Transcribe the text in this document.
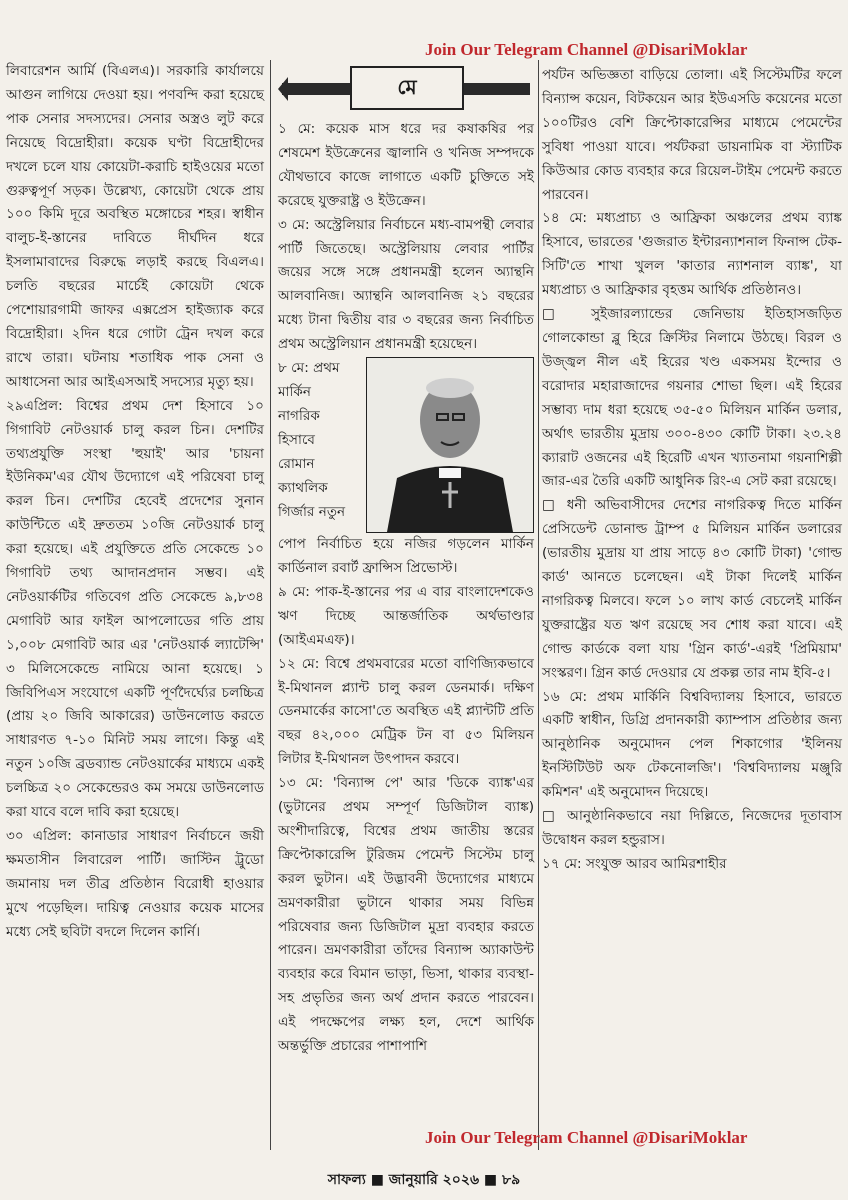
Join Our Telegram Channel @DisariMoklar

লিবারেশন আর্মি (বিএলএ)। সরকারি কার্যালয়ে আগুন লাগিয়ে দেওয়া হয়। পণবন্দি করা হয়েছে পাক সেনার সদস্যদের। সেনার অস্ত্রও লুট করে নিয়েছে বিদ্রোহীরা। কয়েক ঘণ্টা বিদ্রোহীদের দখলে চলে যায় কোয়েটা-করাচি হাইওয়ের মতো গুরুত্বপূর্ণ সড়ক। উল্লেখ্য, কোয়েটা থেকে প্রায় ১০০ কিমি দূরে অবস্থিত মঙ্গোচের শহর। স্বাধীন বালুচ-ই-স্তানের দাবিতে দীর্ঘদিন ধরে ইসলামাবাদের বিরুদ্ধে লড়াই করছে বিএলএ। চলতি বছরের মার্চেই কোয়েটা থেকে পেশোয়ারগামী জাফর এক্সপ্রেস হাইজ্যাক করে বিদ্রোহীরা। ২দিন ধরে গোটা ট্রেন দখল করে রাখে তারা। ঘটনায় শতাধিক পাক সেনা ও আধাসেনা আর আইএসআই সদস্যের মৃত্যু হয়।

২৯এপ্রিল: বিশ্বের প্রথম দেশ হিসাবে ১০ গিগাবিট নেটওয়ার্ক চালু করল চিন। দেশটির তথ্যপ্রযুক্তি সংস্থা 'হুয়াই' আর 'চায়না ইউনিকম'এর যৌথ উদ্যোগে এই পরিষেবা চালু করল চিন। দেশটির হেবেই প্রদেশের সুনান কাউন্টিতে এই দ্রুততম ১০জি নেটওয়ার্ক চালু করা হয়েছে। এই প্রযুক্তিতে প্রতি সেকেন্ডে ১০ গিগাবিট তথ্য আদানপ্রদান সম্ভব। এই নেটওয়ার্কটির গতিবেগ প্রতি সেকেন্ডে ৯,৮৩৪ মেগাবিট আর ফাইল আপলোডের গতি প্রায় ১,০০৮ মেগাবিট আর এর 'নেটওয়ার্ক ল্যাটেন্সি' ৩ মিলিসেকেন্ডে নামিয়ে আনা হয়েছে। ১ জিবিপিএস সংযোগে একটি পূর্ণদৈর্ঘ্যের চলচ্চিত্র (প্রায় ২০ জিবি আকারের) ডাউনলোড করতে সাধারণত ৭-১০ মিনিট সময় লাগে। কিন্তু এই নতুন ১০জি ব্রডব্যান্ড নেটওয়ার্কের মাধ্যমে একই চলচ্চিত্র ২০ সেকেন্ডেরও কম সময়ে ডাউনলোড করা যাবে বলে দাবি করা হয়েছে।

৩০ এপ্রিল: কানাডার সাধারণ নির্বাচনে জয়ী ক্ষমতাসীন লিবারেল পার্টি। জাস্টিন ট্রুডো জমানায় দল তীব্র প্রতিষ্ঠান বিরোধী হাওয়ার মুখে পড়েছিল। দায়িত্ব নেওয়ার কয়েক মাসের মধ্যে সেই ছবিটা বদলে দিলেন কার্নি।

মে

১ মে: কয়েক মাস ধরে দর কষাকষির পর শেষমেশ ইউক্রেনের জ্বালানি ও খনিজ সম্পদকে যৌথভাবে কাজে লাগাতে একটি চুক্তিতে সই করেছে যুক্তরাষ্ট্র ও ইউক্রেন।

৩ মে: অস্ট্রেলিয়ার নির্বাচনে মধ্য-বামপন্থী লেবার পার্টি জিতেছে। অস্ট্রেলিয়ায় লেবার পার্টির জয়ের সঙ্গে সঙ্গে প্রধানমন্ত্রী হলেন অ্যান্থনি আলবানিজ। অ্যান্থনি আলবানিজ ২১ বছরের মধ্যে টানা দ্বিতীয় বার ৩ বছরের জন্য নির্বাচিত প্রথম অস্ট্রেলিয়ান প্রধানমন্ত্রী হয়েছেন।

৮ মে: প্রথম
মার্কিন
নাগরিক
হিসাবে
রোমান
ক্যাথলিক
গির্জার নতুন

পোপ নির্বাচিত হয়ে নজির গড়লেন মার্কিন কার্ডিনাল রবার্ট ফ্রান্সিস প্রিভোস্ট।

৯ মে: পাক-ই-স্তানের পর এ বার বাংলাদেশকেও ঋণ দিচ্ছে আন্তর্জাতিক অর্থভাণ্ডার (আইএমএফ)।

১২ মে: বিশ্বে প্রথমবারের মতো বাণিজ্যিকভাবে ই-মিথানল প্ল্যান্ট চালু করল ডেনমার্ক। দক্ষিণ ডেনমার্কের কাসো'তে অবস্থিত এই প্ল্যান্টটি প্রতি বছর ৪২,০০০ মেট্রিক টন বা ৫৩ মিলিয়ন লিটার ই-মিথানল উৎপাদন করবে।

১৩ মে: 'বিন্যান্স পে' আর 'ডিকে ব্যাঙ্ক'এর (ভুটানের প্রথম সম্পূর্ণ ডিজিটাল ব্যাঙ্ক) অংশীদারিত্বে, বিশ্বের প্রথম জাতীয় স্তরের ক্রিপ্টোকারেন্সি টুরিজম পেমেন্ট সিস্টেম চালু করল ভুটান। এই উদ্ভাবনী উদ্যোগের মাধ্যমে ভ্রমণকারীরা ভুটানে থাকার সময় বিভিন্ন পরিষেবার জন্য ডিজিটাল মুদ্রা ব্যবহার করতে পারেন। ভ্রমণকারীরা তাঁদের বিন্যান্স অ্যাকাউন্ট ব্যবহার করে বিমান ভাড়া, ভিসা, থাকার ব্যবস্থা-সহ প্রভৃতির জন্য অর্থ প্রদান করতে পারবেন। এই পদক্ষেপের লক্ষ্য হল, দেশে আর্থিক অন্তর্ভুক্তি প্রচারের পাশাপাশি

পর্যটন অভিজ্ঞতা বাড়িয়ে তোলা। এই সিস্টেমটির ফলে বিন্যান্স কয়েন, বিটকয়েন আর ইউএসডি কয়েনের মতো ১০০টিরও বেশি ক্রিপ্টোকারেন্সির মাধ্যমে পেমেন্টের সুবিধা পাওয়া যাবে। পর্যটকরা ডায়নামিক বা স্ট্যাটিক কিউআর কোড ব্যবহার করে রিয়েল-টাইম পেমেন্ট করতে পারবেন।

১৪ মে: মধ্যপ্রাচ্য ও আফ্রিকা অঞ্চলের প্রথম ব্যাঙ্ক হিসাবে, ভারতের 'গুজরাত ইন্টারন্যাশনাল ফিনান্স টেক-সিটি'তে শাখা খুলল 'কাতার ন্যাশনাল ব্যাঙ্ক', যা মধ্যপ্রাচ্য ও আফ্রিকার বৃহত্তম আর্থিক প্রতিষ্ঠানও।

□ সুইজারল্যান্ডের জেনিভায় ইতিহাসজড়িত গোলকোন্ডা ব্লু হিরে ক্রিস্টির নিলামে উঠছে। বিরল ও উজ্জ্বল নীল এই হিরের খণ্ড একসময় ইন্দোর ও বরোদার মহারাজাদের গয়নার শোভা ছিল। এই হিরের সম্ভাব্য দাম ধরা হয়েছে ৩৫-৫০ মিলিয়ন মার্কিন ডলার, অর্থাৎ ভারতীয় মুদ্রায় ৩০০-৪৩০ কোটি টাকা। ২৩.২৪ ক্যারাট ওজনের এই হিরেটি এখন খ্যাতনামা গয়নাশিল্পী জার-এর তৈরি একটি আধুনিক রিং-এ সেট করা রয়েছে।

□ ধনী অভিবাসীদের দেশের নাগরিকত্ব দিতে মার্কিন প্রেসিডেন্ট ডোনাল্ড ট্রাম্প ৫ মিলিয়ন মার্কিন ডলারের (ভারতীয় মুদ্রায় যা প্রায় সাড়ে ৪৩ কোটি টাকা) 'গোল্ড কার্ড' আনতে চলেছেন। এই টাকা দিলেই মার্কিন নাগরিকত্ব মিলবে। ফলে ১০ লাখ কার্ড বেচলেই মার্কিন যুক্তরাষ্ট্রের যত ঋণ রয়েছে সব শোধ করা যাবে। এই গোল্ড কার্ডকে বলা যায় 'গ্রিন কার্ড'-এরই 'প্রিমিয়াম' সংস্করণ। গ্রিন কার্ড দেওয়ার যে প্রকল্প তার নাম ইবি-৫।

১৬ মে: প্রথম মার্কিনি বিশ্ববিদ্যালয় হিসাবে, ভারতে একটি স্বাধীন, ডিগ্রি প্রদানকারী ক্যাম্পাস প্রতিষ্ঠার জন্য আনুষ্ঠানিক অনুমোদন পেল শিকাগোর 'ইলিনয় ইনস্টিটিউট অফ টেকনোলজি'। 'বিশ্ববিদ্যালয় মঞ্জুরি কমিশন' এই অনুমোদন দিয়েছে।

□ আনুষ্ঠানিকভাবে নয়া দিল্লিতে, নিজেদের দূতাবাস উদ্বোধন করল হন্ডুরাস।

১৭ মে: সংযুক্ত আরব আমিরশাহীর

Join Our Telegram Channel @DisariMoklar
সাফল্য ■ জানুয়ারি ২০২৬ ■ ৮৯
